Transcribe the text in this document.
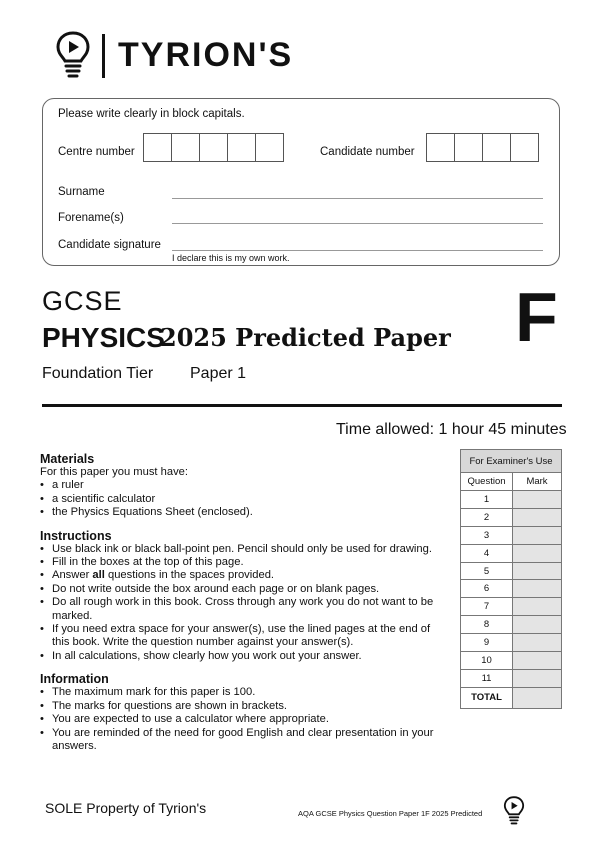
TYRION'S
Please write clearly in block capitals.
Centre number	Candidate number
Surname
Forename(s)
Candidate signature
I declare this is my own work.
GCSE
PHYSICS
2025 Predicted Paper F
Foundation Tier Paper 1
Time allowed: 1 hour 45 minutes
Materials
For this paper you must have:
• a ruler
• a scientific calculator
• the Physics Equations Sheet (enclosed).
Instructions
• Use black ink or black ball-point pen. Pencil should only be used for drawing.
• Fill in the boxes at the top of this page.
• Answer all questions in the spaces provided.
• Do not write outside the box around each page or on blank pages.
• Do all rough work in this book. Cross through any work you do not want to be marked.
• If you need extra space for your answer(s), use the lined pages at the end of this book. Write the question number against your answer(s).
• In all calculations, show clearly how you work out your answer.
Information
• The maximum mark for this paper is 100.
• The marks for questions are shown in brackets.
• You are expected to use a calculator where appropriate.
• You are reminded of the need for good English and clear presentation in your answers.
For Examiner's Use	
Question	Mark
1	
2	
3	
4	
5	
6	
7	
8	
9	
10	
11	
TOTAL	
SOLE Property of Tyrion's	AQA GCSE Physics Question Paper 1F 2025 Predicted
